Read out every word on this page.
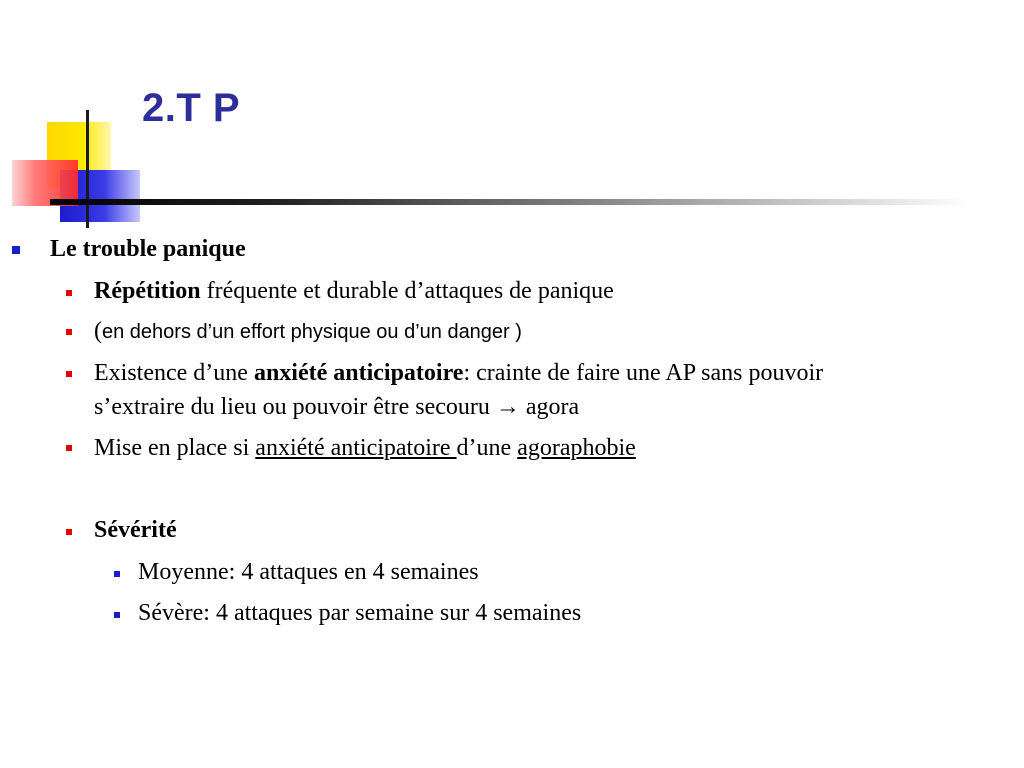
2.T P
Le trouble panique
Répétition fréquente et durable d’attaques de panique
(en dehors d’un effort physique ou d’un danger )
Existence d’une anxiété anticipatoire: crainte de faire une AP sans pouvoir
s’extraire du lieu ou pouvoir être secouru → agora
Mise en place si anxiété anticipatoire d’une agoraphobie
Sévérité
Moyenne: 4 attaques en 4 semaines
Sévère: 4 attaques par semaine sur 4 semaines
